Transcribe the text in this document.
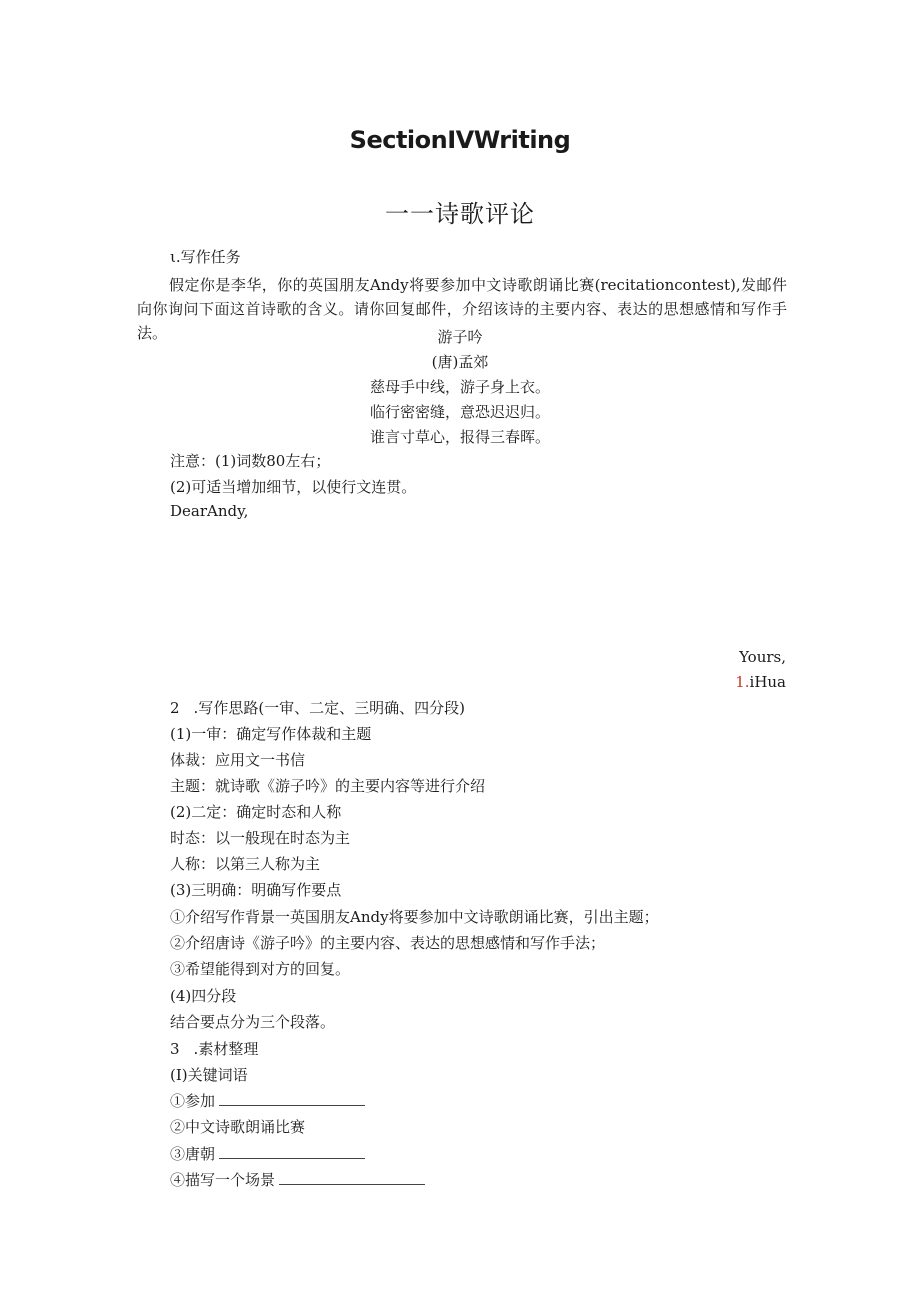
SectionIVWriting
一一诗歌评论
ι.写作任务
假定你是李华，你的英国朋友Andy将要参加中文诗歌朗诵比赛(recitationcontest),发邮件向你询问下面这首诗歌的含义。请你回复邮件，介绍该诗的主要内容、表达的思想感情和写作手法。	游子吟
(唐)孟郊
慈母手中线，游子身上衣。
临行密密缝，意恐迟迟归。
谁言寸草心，报得三春晖。
注意：(1)词数80左右；
(2)可适当增加细节，以使行文连贯。
DearAndy,
Yours,
1.iHua
2 .写作思路(一审、二定、三明确、四分段)
(1)一审：确定写作体裁和主题
体裁：应用文一书信
主题：就诗歌《游子吟》的主要内容等进行介绍
(2)二定：确定时态和人称
时态：以一般现在时态为主
人称：以第三人称为主
(3)三明确：明确写作要点
①介绍写作背景一英国朋友Andy将要参加中文诗歌朗诵比赛，引出主题；
②介绍唐诗《游子吟》的主要内容、表达的思想感情和写作手法；
③希望能得到对方的回复。
(4)四分段
结合要点分为三个段落。
3 .素材整理
(I)关键词语
①参加
②中文诗歌朗诵比赛
③唐朝
④描写一个场景
